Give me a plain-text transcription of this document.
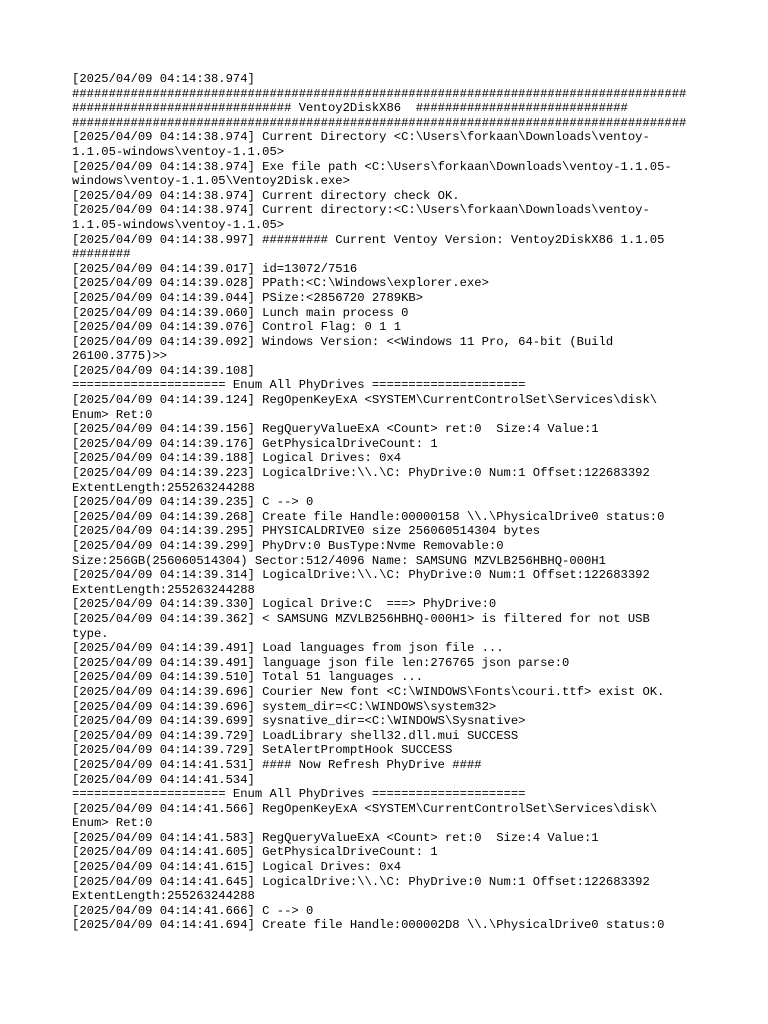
[2025/04/09 04:14:38.974]
####################################################################################
############################## Ventoy2DiskX86  #############################
####################################################################################
[2025/04/09 04:14:38.974] Current Directory <C:\Users\forkaan\Downloads\ventoy-
1.1.05-windows\ventoy-1.1.05>
[2025/04/09 04:14:38.974] Exe file path <C:\Users\forkaan\Downloads\ventoy-1.1.05-
windows\ventoy-1.1.05\Ventoy2Disk.exe>
[2025/04/09 04:14:38.974] Current directory check OK.
[2025/04/09 04:14:38.974] Current directory:<C:\Users\forkaan\Downloads\ventoy-
1.1.05-windows\ventoy-1.1.05>
[2025/04/09 04:14:38.997] ######### Current Ventoy Version: Ventoy2DiskX86 1.1.05
########
[2025/04/09 04:14:39.017] id=13072/7516
[2025/04/09 04:14:39.028] PPath:<C:\Windows\explorer.exe>
[2025/04/09 04:14:39.044] PSize:<2856720 2789KB>
[2025/04/09 04:14:39.060] Lunch main process 0
[2025/04/09 04:14:39.076] Control Flag: 0 1 1
[2025/04/09 04:14:39.092] Windows Version: <<Windows 11 Pro, 64-bit (Build
26100.3775)>>
[2025/04/09 04:14:39.108]
===================== Enum All PhyDrives =====================
[2025/04/09 04:14:39.124] RegOpenKeyExA <SYSTEM\CurrentControlSet\Services\disk\
Enum> Ret:0
[2025/04/09 04:14:39.156] RegQueryValueExA <Count> ret:0  Size:4 Value:1
[2025/04/09 04:14:39.176] GetPhysicalDriveCount: 1
[2025/04/09 04:14:39.188] Logical Drives: 0x4
[2025/04/09 04:14:39.223] LogicalDrive:\\.\C: PhyDrive:0 Num:1 Offset:122683392
ExtentLength:255263244288
[2025/04/09 04:14:39.235] C --> 0
[2025/04/09 04:14:39.268] Create file Handle:00000158 \\.\PhysicalDrive0 status:0
[2025/04/09 04:14:39.295] PHYSICALDRIVE0 size 256060514304 bytes
[2025/04/09 04:14:39.299] PhyDrv:0 BusType:Nvme Removable:0
Size:256GB(256060514304) Sector:512/4096 Name: SAMSUNG MZVLB256HBHQ-000H1
[2025/04/09 04:14:39.314] LogicalDrive:\\.\C: PhyDrive:0 Num:1 Offset:122683392
ExtentLength:255263244288
[2025/04/09 04:14:39.330] Logical Drive:C  ===> PhyDrive:0
[2025/04/09 04:14:39.362] < SAMSUNG MZVLB256HBHQ-000H1> is filtered for not USB
type.
[2025/04/09 04:14:39.491] Load languages from json file ...
[2025/04/09 04:14:39.491] language json file len:276765 json parse:0
[2025/04/09 04:14:39.510] Total 51 languages ...
[2025/04/09 04:14:39.696] Courier New font <C:\WINDOWS\Fonts\couri.ttf> exist OK.
[2025/04/09 04:14:39.696] system_dir=<C:\WINDOWS\system32>
[2025/04/09 04:14:39.699] sysnative_dir=<C:\WINDOWS\Sysnative>
[2025/04/09 04:14:39.729] LoadLibrary shell32.dll.mui SUCCESS
[2025/04/09 04:14:39.729] SetAlertPromptHook SUCCESS
[2025/04/09 04:14:41.531] #### Now Refresh PhyDrive ####
[2025/04/09 04:14:41.534]
===================== Enum All PhyDrives =====================
[2025/04/09 04:14:41.566] RegOpenKeyExA <SYSTEM\CurrentControlSet\Services\disk\
Enum> Ret:0
[2025/04/09 04:14:41.583] RegQueryValueExA <Count> ret:0  Size:4 Value:1
[2025/04/09 04:14:41.605] GetPhysicalDriveCount: 1
[2025/04/09 04:14:41.615] Logical Drives: 0x4
[2025/04/09 04:14:41.645] LogicalDrive:\\.\C: PhyDrive:0 Num:1 Offset:122683392
ExtentLength:255263244288
[2025/04/09 04:14:41.666] C --> 0
[2025/04/09 04:14:41.694] Create file Handle:000002D8 \\.\PhysicalDrive0 status:0
